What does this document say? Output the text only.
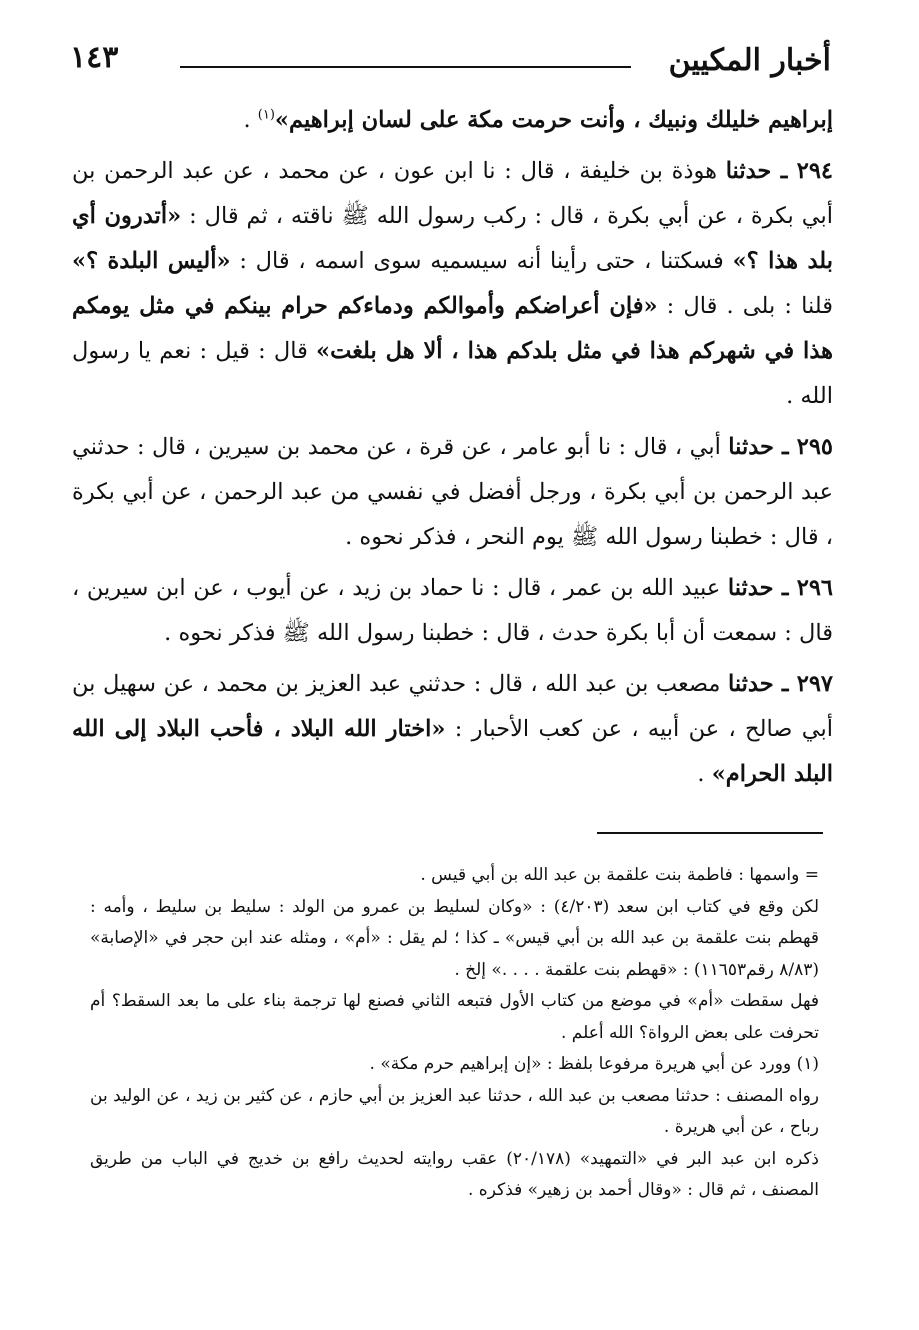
أخبار المكيين
١٤٣

إبراهيم خليلك ونبيك ، وأنت حرمت مكة على لسان إبراهيم»$^{(١)}$ .

٢٩٤ ـ حدثنا هوذة بن خليفة ، قال : نا ابن عون ، عن محمد ، عن عبد الرحمن بن أبي بكرة ، عن أبي بكرة ، قال : ركب رسول الله ﷺ ناقته ، ثم قال : «أتدرون أي بلد هذا ؟» فسكتنا ، حتى رأينا أنه سيسميه سوى اسمه ، قال : «أليس البلدة ؟» قلنا : بلى . قال : «فإن أعراضكم وأموالكم ودماءكم حرام بينكم في مثل يومكم هذا في شهركم هذا في مثل بلدكم هذا ، ألا هل بلغت» قال : قيل : نعم يا رسول الله .

٢٩٥ ـ حدثنا أبي ، قال : نا أبو عامر ، عن قرة ، عن محمد بن سيرين ، قال : حدثني عبد الرحمن بن أبي بكرة ، ورجل أفضل في نفسي من عبد الرحمن ، عن أبي بكرة ، قال : خطبنا رسول الله ﷺ يوم النحر ، فذكر نحوه .

٢٩٦ ـ حدثنا عبيد الله بن عمر ، قال : نا حماد بن زيد ، عن أيوب ، عن ابن سيرين ، قال : سمعت أن أبا بكرة حدث ، قال : خطبنا رسول الله ﷺ فذكر نحوه .

٢٩٧ ـ حدثنا مصعب بن عبد الله ، قال : حدثني عبد العزيز بن محمد ، عن سهيل بن أبي صالح ، عن أبيه ، عن كعب الأحبار : «اختار الله البلاد ، فأحب البلاد إلى الله البلد الحرام» .

= واسمها : فاطمة بنت علقمة بن عبد الله بن أبي قيس .

لكن وقع في كتاب ابن سعد (٤/٢٠٣) : «وكان لسليط بن عمرو من الولد : سليط بن سليط ، وأمه : قهطم بنت علقمة بن عبد الله بن أبي قيس» ـ كذا ؛ لم يقل : «أم» ، ومثله عند ابن حجر في «الإصابة» (٨/٨٣ رقم١١٦٥٣) : «قهطم بنت علقمة . . . .» إلخ .

فهل سقطت «أم» في موضع من كتاب الأول فتبعه الثاني فصنع لها ترجمة بناء على ما بعد السقط؟ أم تحرفت على بعض الرواة؟ الله أعلم .

(١) وورد عن أبي هريرة مرفوعا بلفظ : «إن إبراهيم حرم مكة» .

رواه المصنف : حدثنا مصعب بن عبد الله ، حدثنا عبد العزيز بن أبي حازم ، عن كثير بن زيد ، عن الوليد بن رباح ، عن أبي هريرة .

ذكره ابن عبد البر في «التمهيد» (٢٠/١٧٨) عقب روايته لحديث رافع بن خديج في الباب من طريق المصنف ، ثم قال : «وقال أحمد بن زهير» فذكره .
